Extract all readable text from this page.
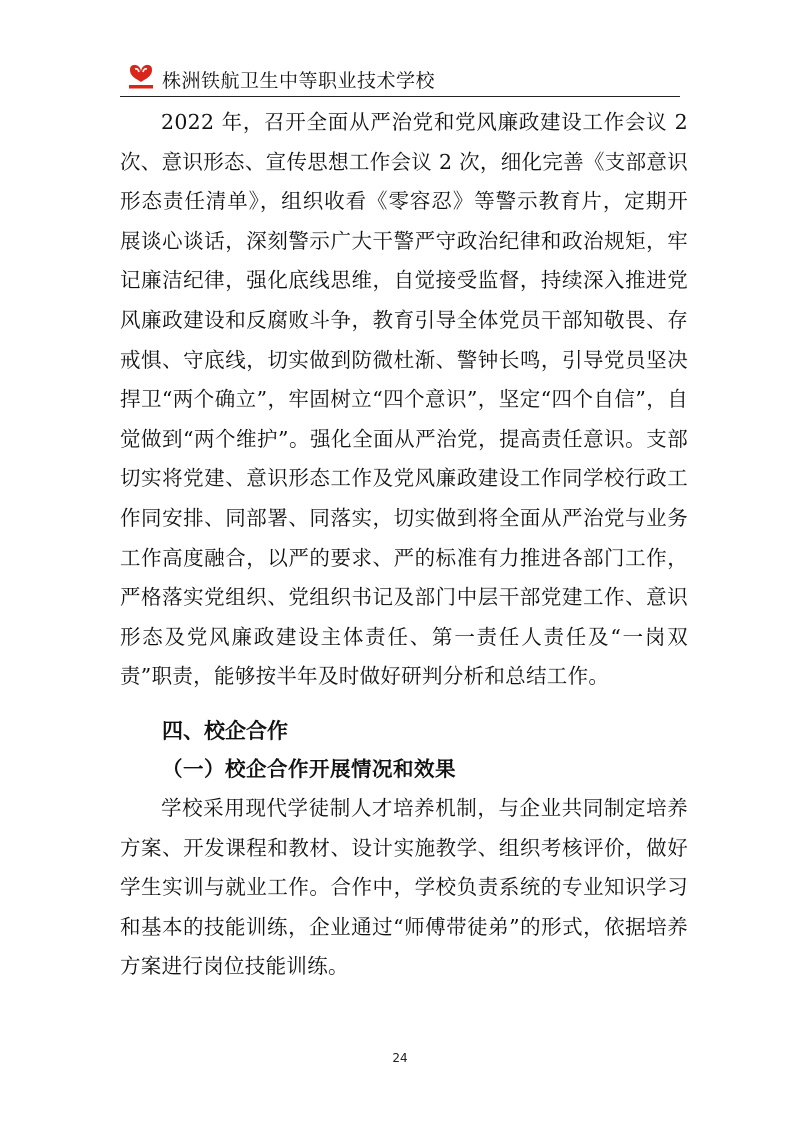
株洲铁航卫生中等职业技术学校

2022 年，召开全面从严治党和党风廉政建设工作会议 2 次、意识形态、宣传思想工作会议 2 次，细化完善《支部意识形态责任清单》，组织收看《零容忍》等警示教育片，定期开展谈心谈话，深刻警示广大干警严守政治纪律和政治规矩，牢记廉洁纪律，强化底线思维，自觉接受监督，持续深入推进党风廉政建设和反腐败斗争，教育引导全体党员干部知敬畏、存戒惧、守底线，切实做到防微杜渐、警钟长鸣，引导党员坚决捍卫“两个确立”，牢固树立“四个意识”，坚定“四个自信”，自觉做到“两个维护”。强化全面从严治党，提高责任意识。支部切实将党建、意识形态工作及党风廉政建设工作同学校行政工作同安排、同部署、同落实，切实做到将全面从严治党与业务工作高度融合，以严的要求、严的标准有力推进各部门工作，严格落实党组织、党组织书记及部门中层干部党建工作、意识形态及党风廉政建设主体责任、第一责任人责任及“一岗双责”职责，能够按半年及时做好研判分析和总结工作。

四、校企合作
（一）校企合作开展情况和效果

学校采用现代学徒制人才培养机制，与企业共同制定培养方案、开发课程和教材、设计实施教学、组织考核评价，做好学生实训与就业工作。合作中，学校负责系统的专业知识学习和基本的技能训练，企业通过“师傅带徒弟”的形式，依据培养方案进行岗位技能训练。

24
